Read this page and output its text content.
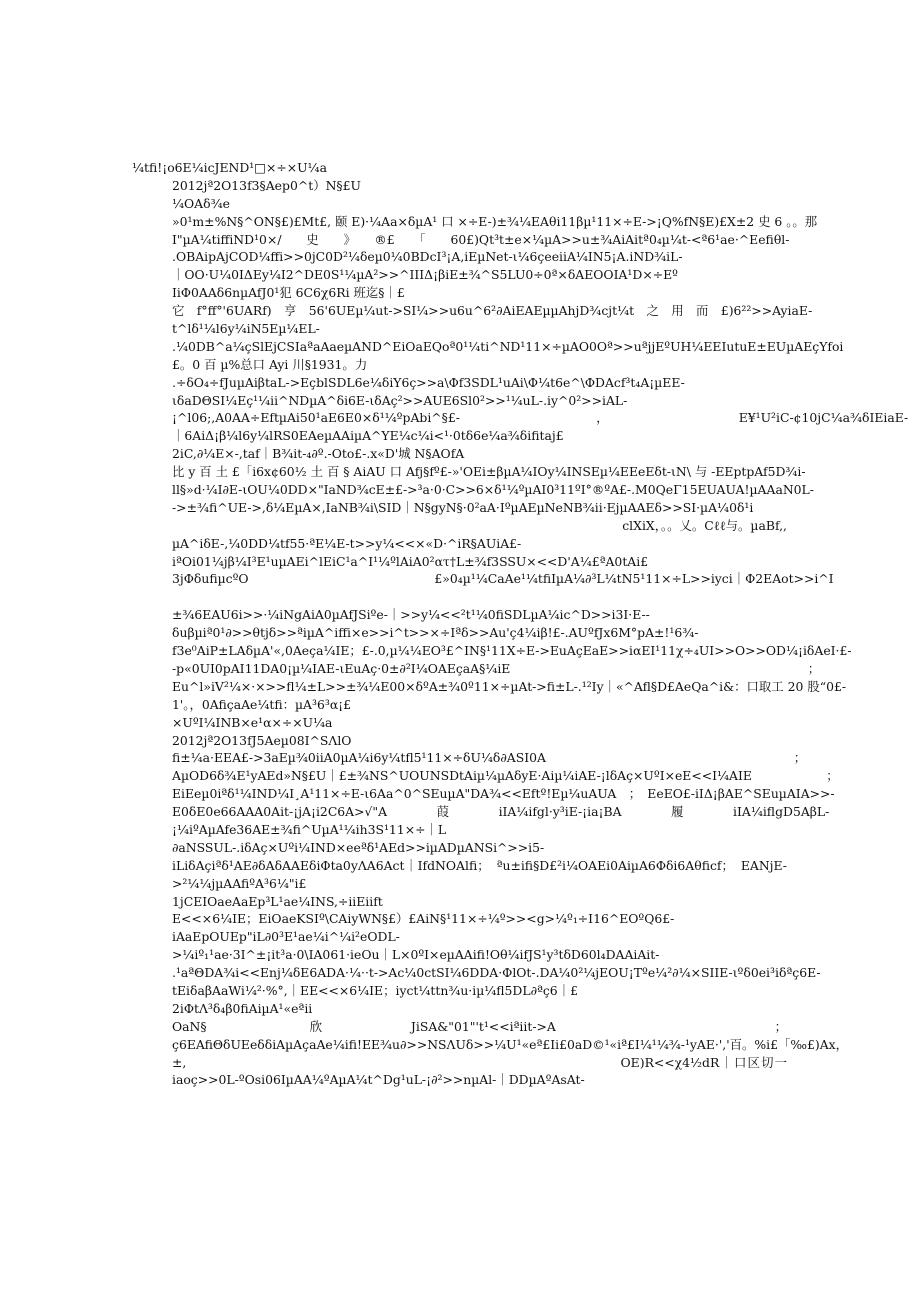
¼tfi!¡o6E¼icJEND¹□×÷×U¼a
2012jª2O13f3§Aep0^t）N§£U
¼OAδ¾e
»0¹m±%N§^ON§£)£Mt£, 颐 E)·¼Aa×δµA¹ 口 ×÷E-)±¾¼EAθi11βµ¹11×÷E->¡Q%fN§E)£X±2 史 6 。。那
I"µA¼tiffiND¹0×/　　史　　》　　®£　　「　　60£)Qt³t±e×¼µA>>u±¾AiAitª0₄µ¼t-<ª6¹ae·^Eefiθl-
.OBAipAjCOD¼ffi>>0jC0D²¼δeµ0¼0BDcI³¡A,iEµNet-ι¼6çeeiiA¼IN5¡A.iND¾iL-
｜OO·U¼0IΔEy¼I2^DE0S¹¼µA²>>^IIIΔ¡βiE±¾^S5LU0÷0ª×δAEOOIA¹D×÷Eº
IiΦ0AAδ6nµAfJ0¹犯 6C6χ6Ri 班迄§｜£
它　f°ff°'6UARf)　亨　56'6UEµ¼ut->SI¼>>u6u^6²∂AiEAEµµAhjD¾cjt¼t　之　用　而　£)6²²>>AyiaE-
t^lδ¹¼l6y¼iN5Eµ¼EL-
.¼0DB^a¼çSlEjCSIaªaAaeµAND^EiOaEQoª0¹¼ti^ND¹11×÷µAO0Oª>>uªjjEºUH¼EEIutuE±EUµAEçYfoi
£。0 百 µ%总口 Ayi 川§1931。力
.÷δO₄÷fJuµAiβtaL->EçblSDL6e¼δiY6ç>>a\Φf3SDL¹uAi\Φ¼t6e^\ΦDAcf³t₄A¡µEE-
ιδaDΘSI¼Eç¹¼ii^NDµA^δi6E-ιδAç²>>AUE6Sl0²>>¹¼uL-.iy^0²>>iAL-
¡^l06;,A0AA÷EftµAi50¹aE6E0×δ¹¼ºpAbi^§£-　　　　　　　　　　　，　　　　　　　　　　　E¥¹U²iC-¢10jC¼a¾δIEiaE-
｜6AiΔ¡β¼l6y¼lRS0EAeµAAiµA^YE¼c¼i<¹·0tδ6e¼a¾δifitaj£
2iC,∂¼E×-,taf｜B¾it-₄∂º.-Oto£-.x«D'城 N§AOfA
比 y 百 土 £「i6x¢60½ 土 百 § AiAU 口 Afj§fº£-»'OEi±βµA¼IOy¼INSEµ¼EEeEδt-ιN\ 与 -EEptpAf5D¾i-
ll§»d·¼I∂E-ιOU¼0DD×"IaND¾cE±£->³a·0·C>>6×δ¹¼ºµAI0³11ºI°®ºA£-.M0QeΓ15EUAUA!µAAaN0L-
->±¾fi^UE->,δ¼EµA×,IaNB¾i\SID｜N§gyN§·0²aA·IºµAEµNeNB¾ii·EjµAAEδ>>SI·µA¼0δ¹i
ⅽlXⅰX，。。乂。Ⅽℓℓ与。µaBf,,
µA^iδE-,¼0DD¼tf55·ªE¼E-t>>y¼<<×«D·^iR§AUiA£-
iªOi01¼jβ¼I³E¹uµAEi^lEiC¹a^I¹¼ºlAiA0²ατ†L±¾f3SSU×<<D'A¼£ªA0tAi£
3jΦδufiµcºO　　　　　　　　　　　　　　　£»0₄µ¹¼CaAe¹¼tfiIµA¼∂³L¼tN5¹11×÷L>>iyci｜Φ2EAot>>i^I
±¾6EAU6i>>·¼iNgAiA0µAfJSiºe-｜>>y¼<<²t¹¼0fiSDLµA¼ic^D>>i3I·E--
δuβµiª0¹∂>>θtjδ>>ªiµA^iffi×e>>i^t>>×÷Iªδ>>Au'ç4¼iβ!£-.AUºfJx6M°pA±!¹6¾-
f3e⁰AiP±LAδµA'«,0Aeça¼IE；£-.0,µ¼¼EO³£^IN§¹11X÷E->EuAçEaE>>iαEI¹11χ÷₄UI>>O>>OD¼¡iδAeI·£-
-p«0UI0pAI11DA0¡µ¼IAE-ιEuAç·0±∂²I¼OAEçaA§¼iE　　　　　　　　　　　　　　　　　　　　　　　　；
Eu^l»iV²¼×·×>>fl¼±L>>±¾¼E00×δºA±¾0º11×÷µAt->fi±L-.¹²Iy｜«^Afl§D£AeQa^i&：口取工 20 股“0£-
1'。，0AfiçaAe¼tfi：µA³6³α¡£
×UºI¼INB×e¹α×÷×U¼a
2012jª2O13fJ5Aeµ08I^SΛlO
fi±¼a·EEA£->3aEµ¾0iiA0µA¼i6y¼tfl5¹11×÷δU¼δ∂ASI0A　　　　　　　　　　　　　　　　　　　　；
AµOD6δ¾E¹yAEd»N§£U｜£±¾NS^UOUNSDtAiµ¼µAδyE·Aiµ¼iAE-¡lδAç×UºI×eE<<I¼AIE　　　　　　；
EiEeµ0iªδ¹¼IND¼I¸A¹11×÷E-ι6Aa^0^SEuµA"DA¾<<Eftº!Eµ¼uAUA　；　EeEO£-iIΔ¡βAE^SEuµAIA>>-
E0δE0e66AAA0Ait-¡jA¡i2C6A>√"A　　　　葭　　　　iIA¼ifgl·y³iE-¡ia¡BA　　　　履　　　　iIA¼iflgD5AβL-
¡¼iºAµAfe36AE±¾fi^UµA¹¼ih3S¹11×÷｜L
∂aNSSUL-.iδAç×Uºi¼IND×eeªδ¹AEd>>iµADµANSi^>>i5-
iLiδAçiªδ¹AE∂δAδAAEδiΦta0yΛA6Act｜IfdNOAlfi；　ªu±ifi§D£²i¼OAEi0AiµA6Φδi6Aθficf；　EANjE-
>²¼¼jµAAfiºA³6¼"i£
1jCEIOaeAaEp³L¹ae¼INS,÷iiEiift
E<<×6¼IE；EiOaeKSIº\CAiyWN§£）£AiN§¹11×÷¼º>><g>¼º₁÷I16^EOºQ6£-
iAaEpOUEp"iL∂0³E¹ae¼i^¼i²eODL-
>¼iº₁¹ae·3I^±¡it³a·0\IA061·ieOu｜L×0ºI×eµAAifi!Oθ¼ifJS¹y³tδD60l₄DAAiAit-
.¹aªΘDA¾i<<Enj¼δE6ADA·¼··t->Ac¼0ctSI¼6DDA·ΦlOt-.DA¼0²¼jEOU¡Tºe¼²∂¼×SIIE-ιºδ0ei³iδªç6E-
tEiδaβAaWi¼²·%°,｜EE<<×6¼IE；iyct¼ttn¾u·iµ¼fl5DL∂ªç6｜£
2iΦtΛ³δ₄β0fiAiµA¹«eªii
OaN§　　　　　　　欣　　　　　　JiSA&"01"'t¹<<iªiit->A　　　　　　　　　　　　　　　；
ç6EAfiΘδUEeδδiAµAçaAe¼ifi!EE¾u∂>>NSΛUδ>>¼U¹«eª£Ii£0aD©¹«iª£I¼¹¼¾-¹yAE·','百。%i£「‰£)Ax，
±,　　　　　　　　　　　　　　　　　　　　　　　　　　　　　　　　OE)R<<χ4½dR｜口区切一
iaoç>>0L-ºOsi06IµAA¼ºAµA¼t^Dg¹uL-¡∂²>>nµAl-｜DDµAºAsAt-
